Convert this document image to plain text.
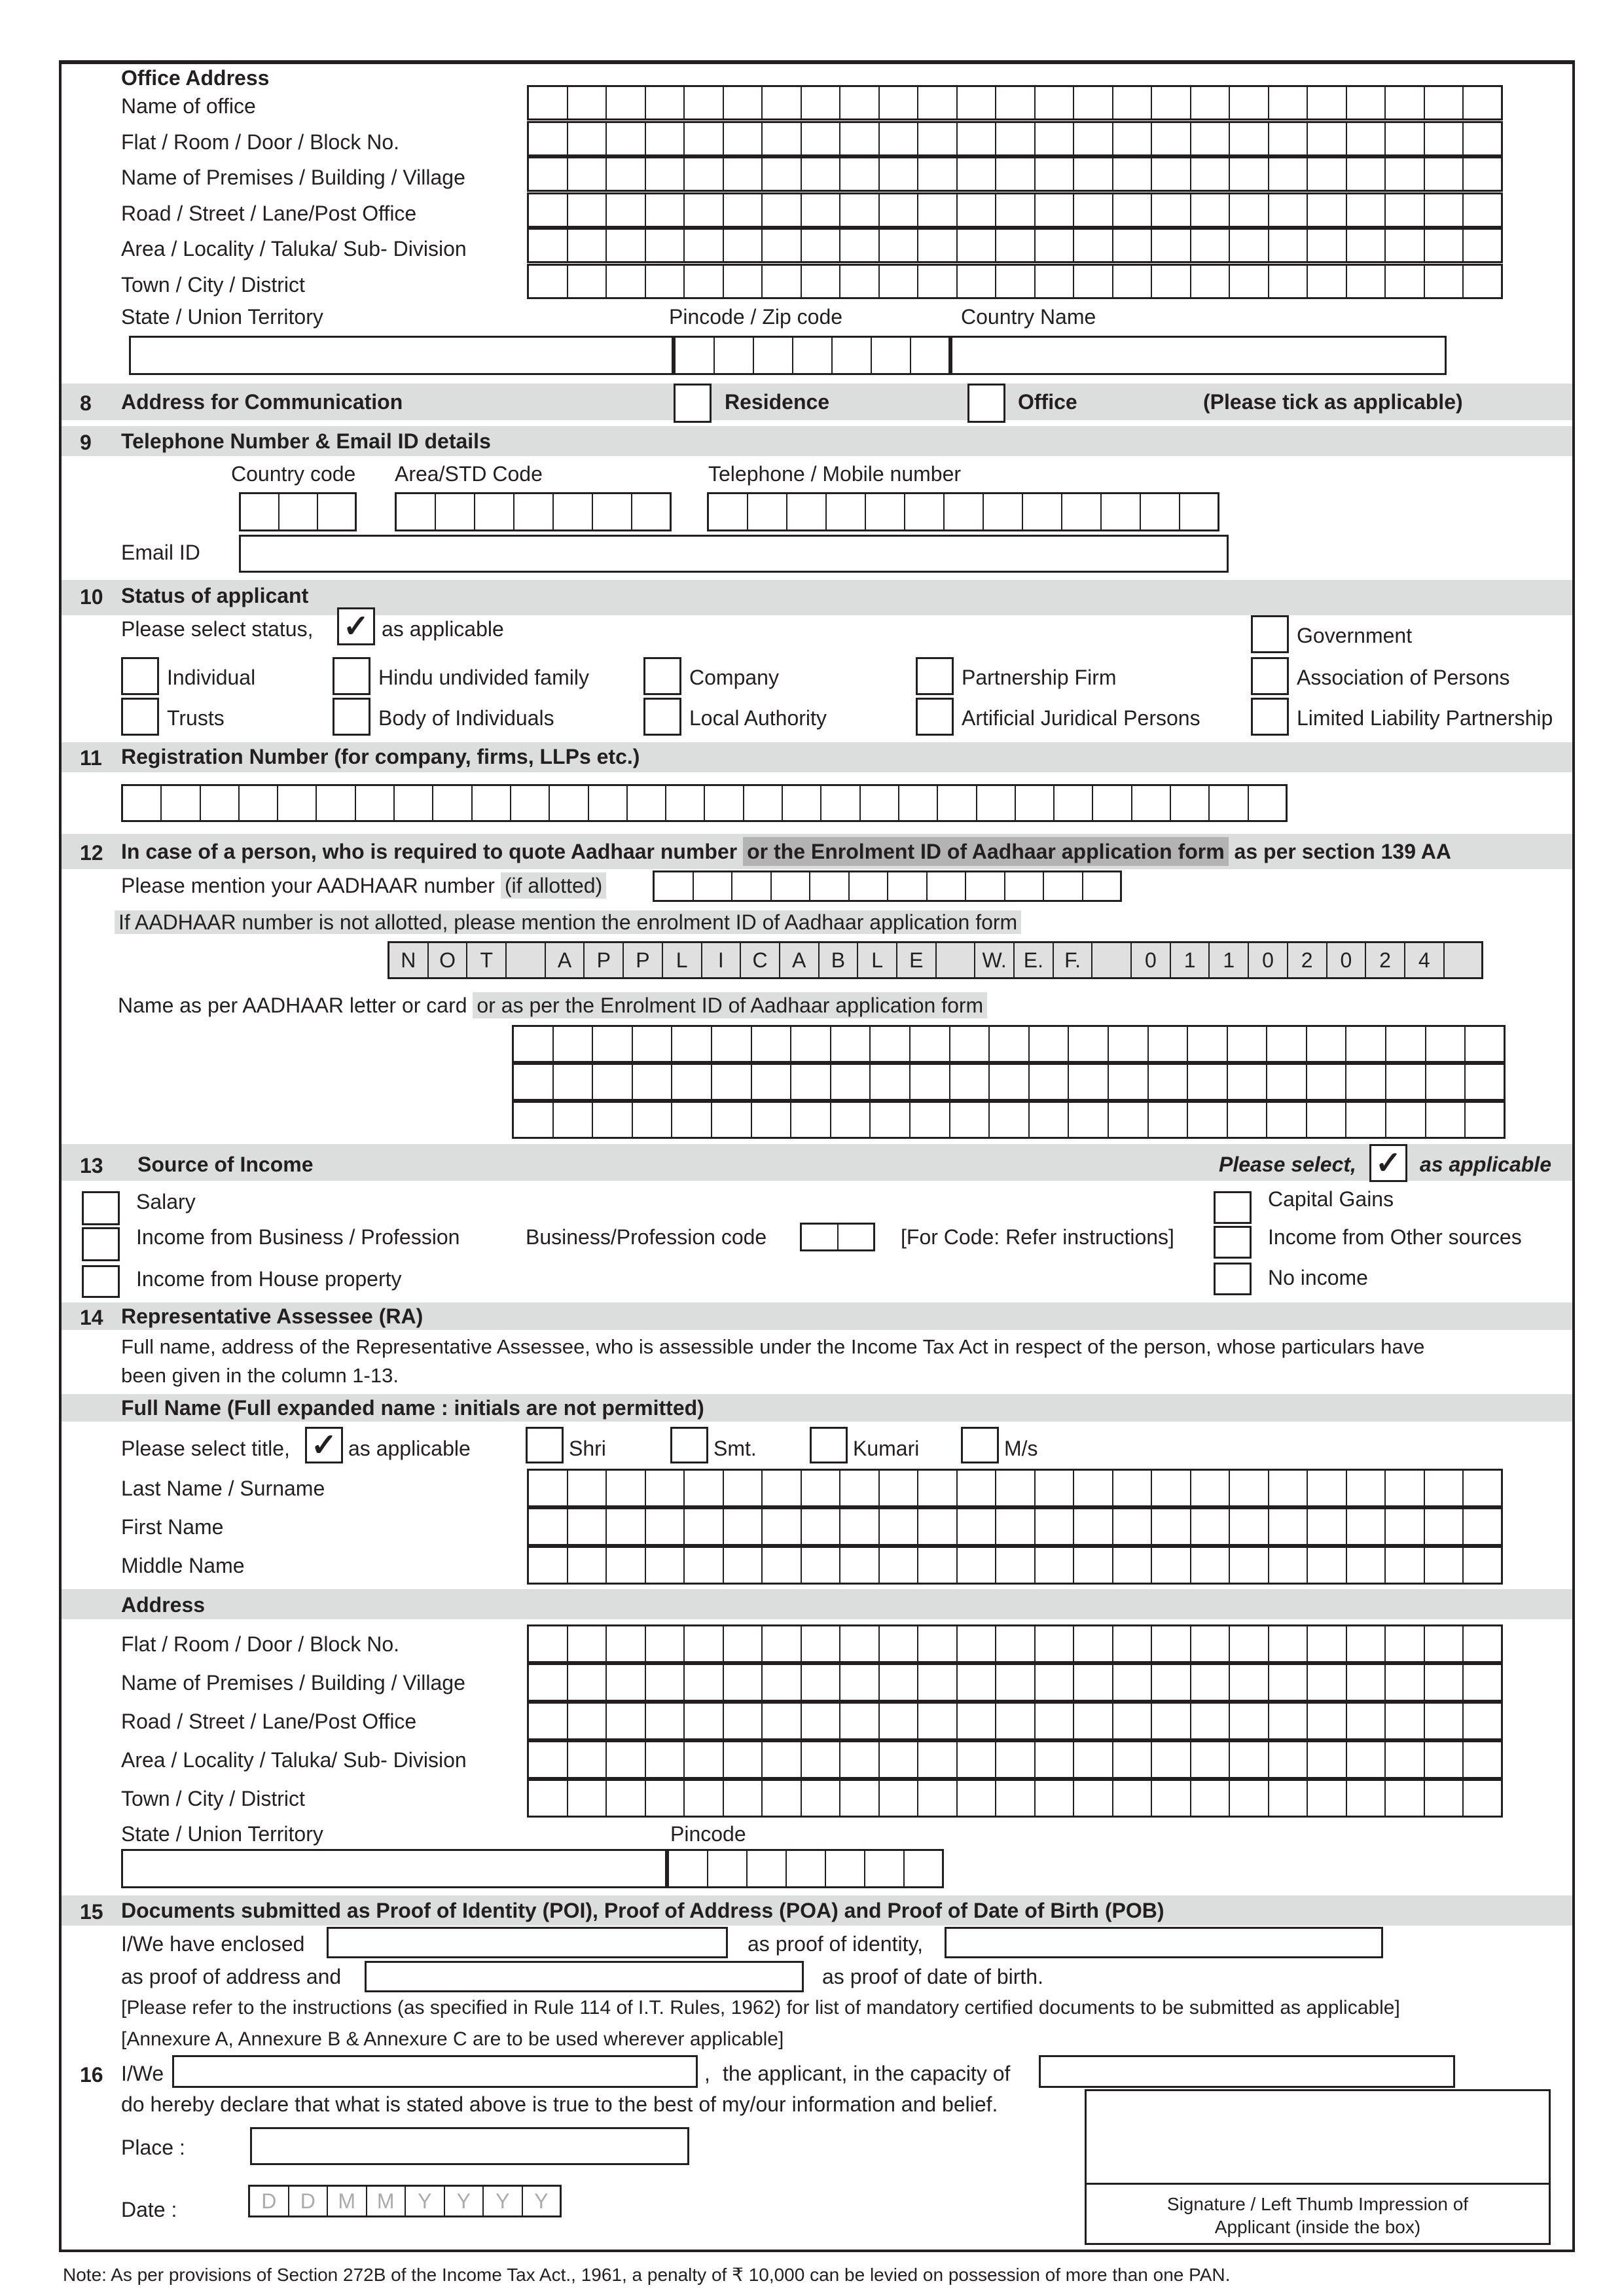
Office Address
Name of office
Flat / Room / Door / Block No.
Name of Premises / Building / Village
Road / Street / Lane/Post Office
Area / Locality / Taluka/ Sub- Division
Town / City / District
State / Union Territory	Pincode / Zip code	Country Name
8 Address for Communication	Residence	Office	(Please tick as applicable)
9 Telephone Number & Email ID details
Country code Area/STD Code	Telephone / Mobile number
Email ID
10 Status of applicant
Please select status, ✓ as applicable	Government
Individual	Hindu undivided family	Company	Partnership Firm	Association of Persons
Trusts	Body of Individuals	Local Authority	Artificial Juridical Persons	Limited Liability Partnership
11 Registration Number (for company, firms, LLPs etc.)
12 In case of a person, who is required to quote Aadhaar number or the Enrolment ID of Aadhaar application form as per section 139 AA
Please mention your AADHAAR number (if allotted)
If AADHAAR number is not allotted, please mention the enrolment ID of Aadhaar application form
N	O	T	A	P	P	L	I	C	A	B	L	E	W. E.	F.	0	1	1	0	2	0	2	4
Name as per AADHAAR letter or card or as per the Enrolment ID of Aadhaar application form
13 Source of Income	Please select, ✓ as applicable
Salary
Income from Business / Profession	Business/Profession code	[For Code: Refer instructions]
Income from House property
Capital Gains
Income from Other sources
No income
14 Representative Assessee (RA)
Full name, address of the Representative Assessee, who is assessible under the Income Tax Act in respect of the person, whose particulars have
been given in the column 1-13.
Full Name (Full expanded name : initials are not permitted)
Please select title, ✓ as applicable	Shri	Smt.	Kumari	M/s
Last Name / Surname
First Name
Middle Name
Address
Flat / Room / Door / Block No.
Name of Premises / Building / Village
Road / Street / Lane/Post Office
Area / Locality / Taluka/ Sub- Division
Town / City / District
State / Union Territory	Pincode
15 Documents submitted as Proof of Identity (POI), Proof of Address (POA) and Proof of Date of Birth (POB)
I/We have enclosed	as proof of identity,
as proof of address and	as proof of date of birth.
[Please refer to the instructions (as specified in Rule 114 of I.T. Rules, 1962) for list of mandatory certified documents to be submitted as applicable]
[Annexure A, Annexure B & Annexure C are to be used wherever applicable]
16 I/We	, the applicant, in the capacity of
do hereby declare that what is stated above is true to the best of my/our information and belief.
Signature / Left Thumb Impression of
Applicant (inside the box)
Place :
Date :	D	D	M	M	Y	Y	Y	Y
Note: As per provisions of Section 272B of the Income Tax Act., 1961, a penalty of ₹ 10,000 can be levied on possession of more than one PAN.
